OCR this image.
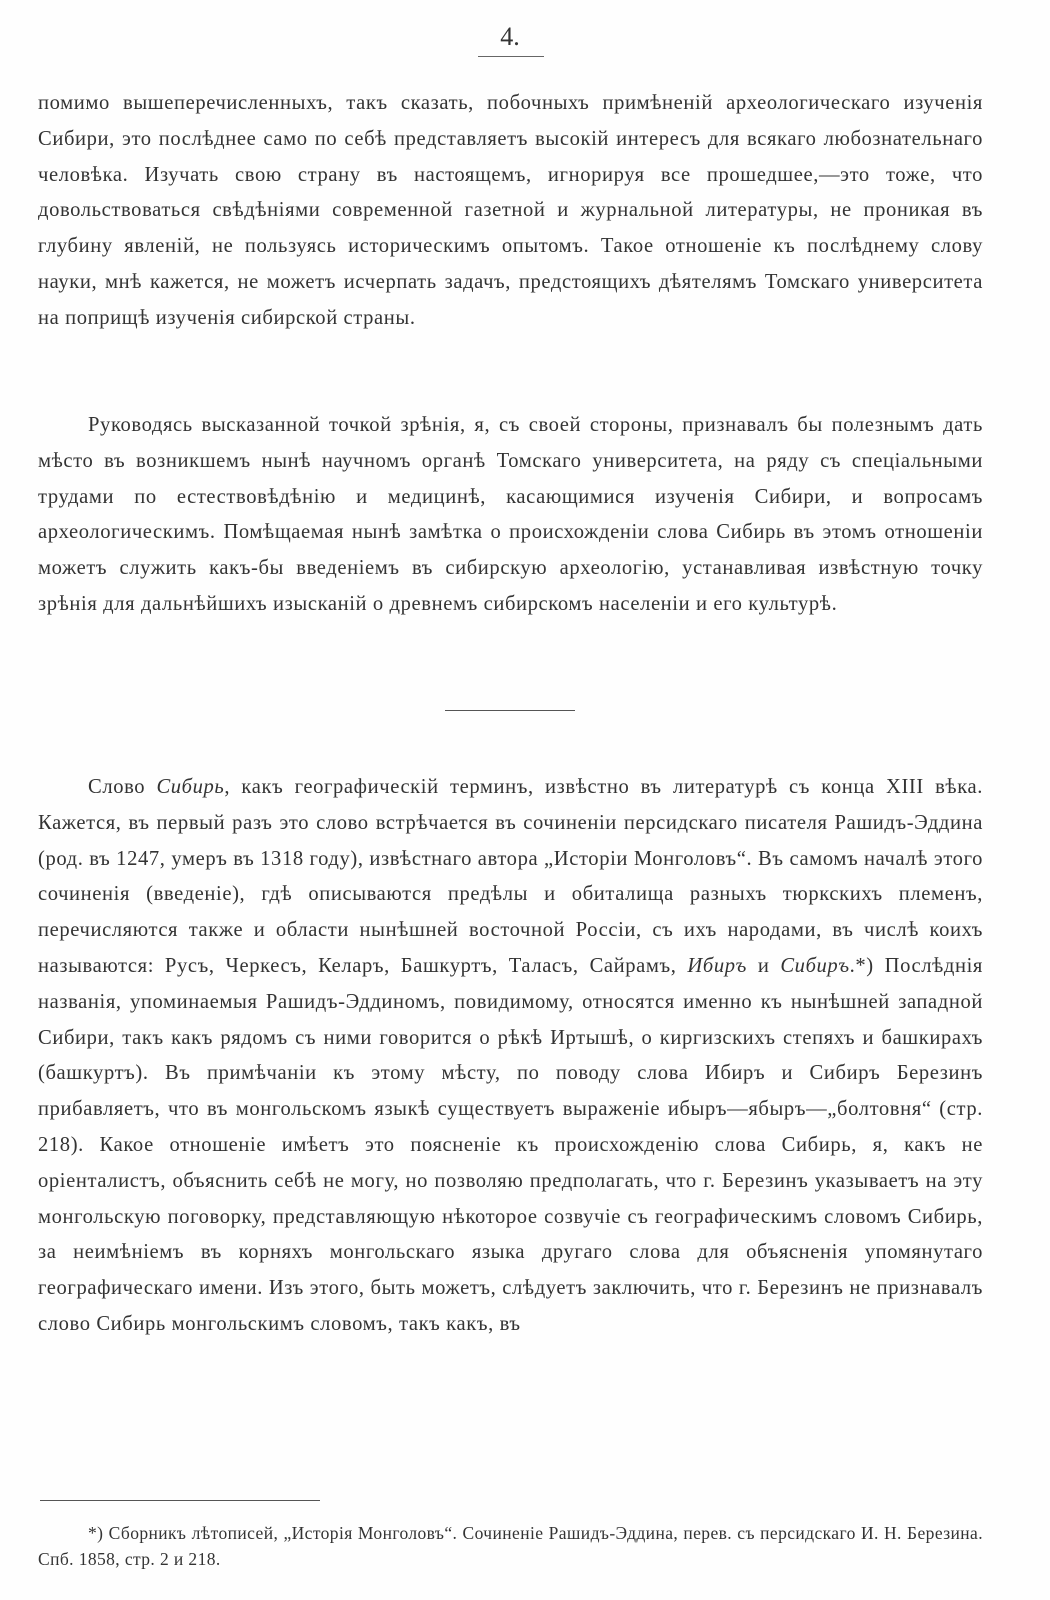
4.

помимо вышеперечисленныхъ, такъ сказать, побочныхъ примѣненій археологическаго изученія Сибири, это послѣднее само по себѣ представляетъ высокій интересъ для всякаго любознательнаго человѣка. Изучать свою страну въ настоящемъ, игнорируя все прошедшее,—это тоже, что довольствоваться свѣдѣніями современной газетной и журнальной литературы, не проникая въ глубину явленій, не пользуясь историческимъ опытомъ. Такое отношеніе къ послѣднему слову науки, мнѣ кажется, не можетъ исчерпать задачъ, предстоящихъ дѣятелямъ Томскаго университета на поприщѣ изученія сибирской страны.

Руководясь высказанной точкой зрѣнія, я, съ своей стороны, признавалъ бы полезнымъ дать мѣсто въ возникшемъ нынѣ научномъ органѣ Томскаго университета, на ряду съ спеціальными трудами по естествовѣдѣнію и медицинѣ, касающимися изученія Сибири, и вопросамъ археологическимъ. Помѣщаемая нынѣ замѣтка о происхожденіи слова Сибирь въ этомъ отношеніи можетъ служить какъ-бы введеніемъ въ сибирскую археологію, устанавливая извѣстную точку зрѣнія для дальнѣйшихъ изысканій о древнемъ сибирскомъ населеніи и его культурѣ.

Слово Сибирь, какъ географическій терминъ, извѣстно въ литературѣ съ конца XIII вѣка. Кажется, въ первый разъ это слово встрѣчается въ сочиненіи персидскаго писателя Рашидъ-Эддина (род. въ 1247, умеръ въ 1318 году), извѣстнаго автора „Исторіи Монголовъ“. Въ самомъ началѣ этого сочиненія (введеніе), гдѣ описываются предѣлы и обиталища разныхъ тюркскихъ племенъ, перечисляются также и области нынѣшней восточной Россіи, съ ихъ народами, въ числѣ коихъ называются: Русъ, Черкесъ, Келаръ, Башкуртъ, Таласъ, Сайрамъ, Ибиръ и Сибиръ.*) Послѣднія названія, упоминаемыя Рашидъ-Эддиномъ, повидимому, относятся именно къ нынѣшней западной Сибири, такъ какъ рядомъ съ ними говорится о рѣкѣ Иртышѣ, о киргизскихъ степяхъ и башкирахъ (башкуртъ). Въ примѣчаніи къ этому мѣсту, по поводу слова Ибиръ и Сибиръ Березинъ прибавляетъ, что въ монгольскомъ языкѣ существуетъ выраженіе ибыръ—ябыръ—„болтовня“ (стр. 218). Какое отношеніе имѣетъ это поясненіе къ происхожденію слова Сибирь, я, какъ не оріенталистъ, объяснить себѣ не могу, но позволяю предполагать, что г. Березинъ указываетъ на эту монгольскую поговорку, представляющую нѣкоторое созвучіе съ географическимъ словомъ Сибирь, за неимѣніемъ въ корняхъ монгольскаго языка другаго слова для объясненія упомянутаго географическаго имени. Изъ этого, быть можетъ, слѣдуетъ заключить, что г. Березинъ не признавалъ слово Сибирь монгольскимъ словомъ, такъ какъ, въ

*) Сборникъ лѣтописей, „Исторія Монголовъ“. Сочиненіе Рашидъ-Эддина, перев. съ персидскаго И. Н. Березина. Спб. 1858, стр. 2 и 218.
